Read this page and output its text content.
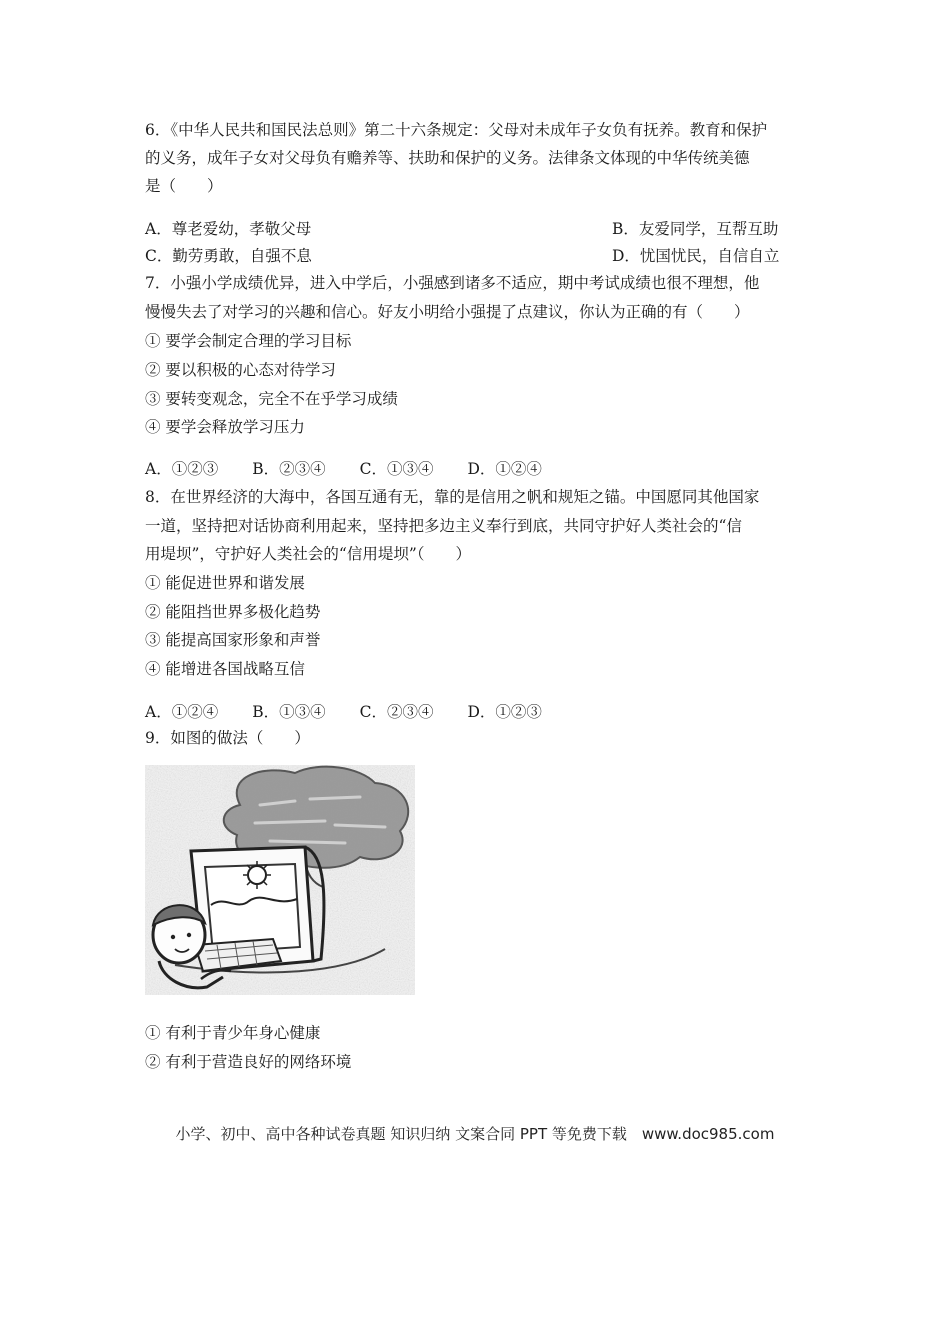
6．《中华人民共和国民法总则》第二十六条规定：父母对未成年子女负有抚养。教育和保护
的义务，成年子女对父母负有赡养等、扶助和保护的义务。法律条文体现的中华传统美德
是（　　）
A．尊老爱幼，孝敬父母	B．友爱同学，互帮互助
C．勤劳勇敢，自强不息	D．忧国忧民，自信自立
7．小强小学成绩优异，进入中学后，小强感到诸多不适应，期中考试成绩也很不理想，他
慢慢失去了对学习的兴趣和信心。好友小明给小强提了点建议，你认为正确的有（　　）
① 要学会制定合理的学习目标
② 要以积极的心态对待学习
③ 要转变观念，完全不在乎学习成绩
④ 要学会释放学习压力
A．①②③ B．②③④ C．①③④ D．①②④
8．在世界经济的大海中，各国互通有无，靠的是信用之帆和规矩之锚。中国愿同其他国家
一道，坚持把对话协商利用起来，坚持把多边主义奉行到底，共同守护好人类社会的“信
用堤坝”，守护好人类社会的“信用堤坝”（　　）
① 能促进世界和谐发展
② 能阻挡世界多极化趋势
③ 能提高国家形象和声誉
④ 能增进各国战略互信
A．①②④ B．①③④ C．②③④ D．①②③
9．如图的做法（　　）
① 有利于青少年身心健康
② 有利于营造良好的网络环境
小学、初中、高中各种试卷真题 知识归纳 文案合同 PPT 等免费下载　www.doc985.com
